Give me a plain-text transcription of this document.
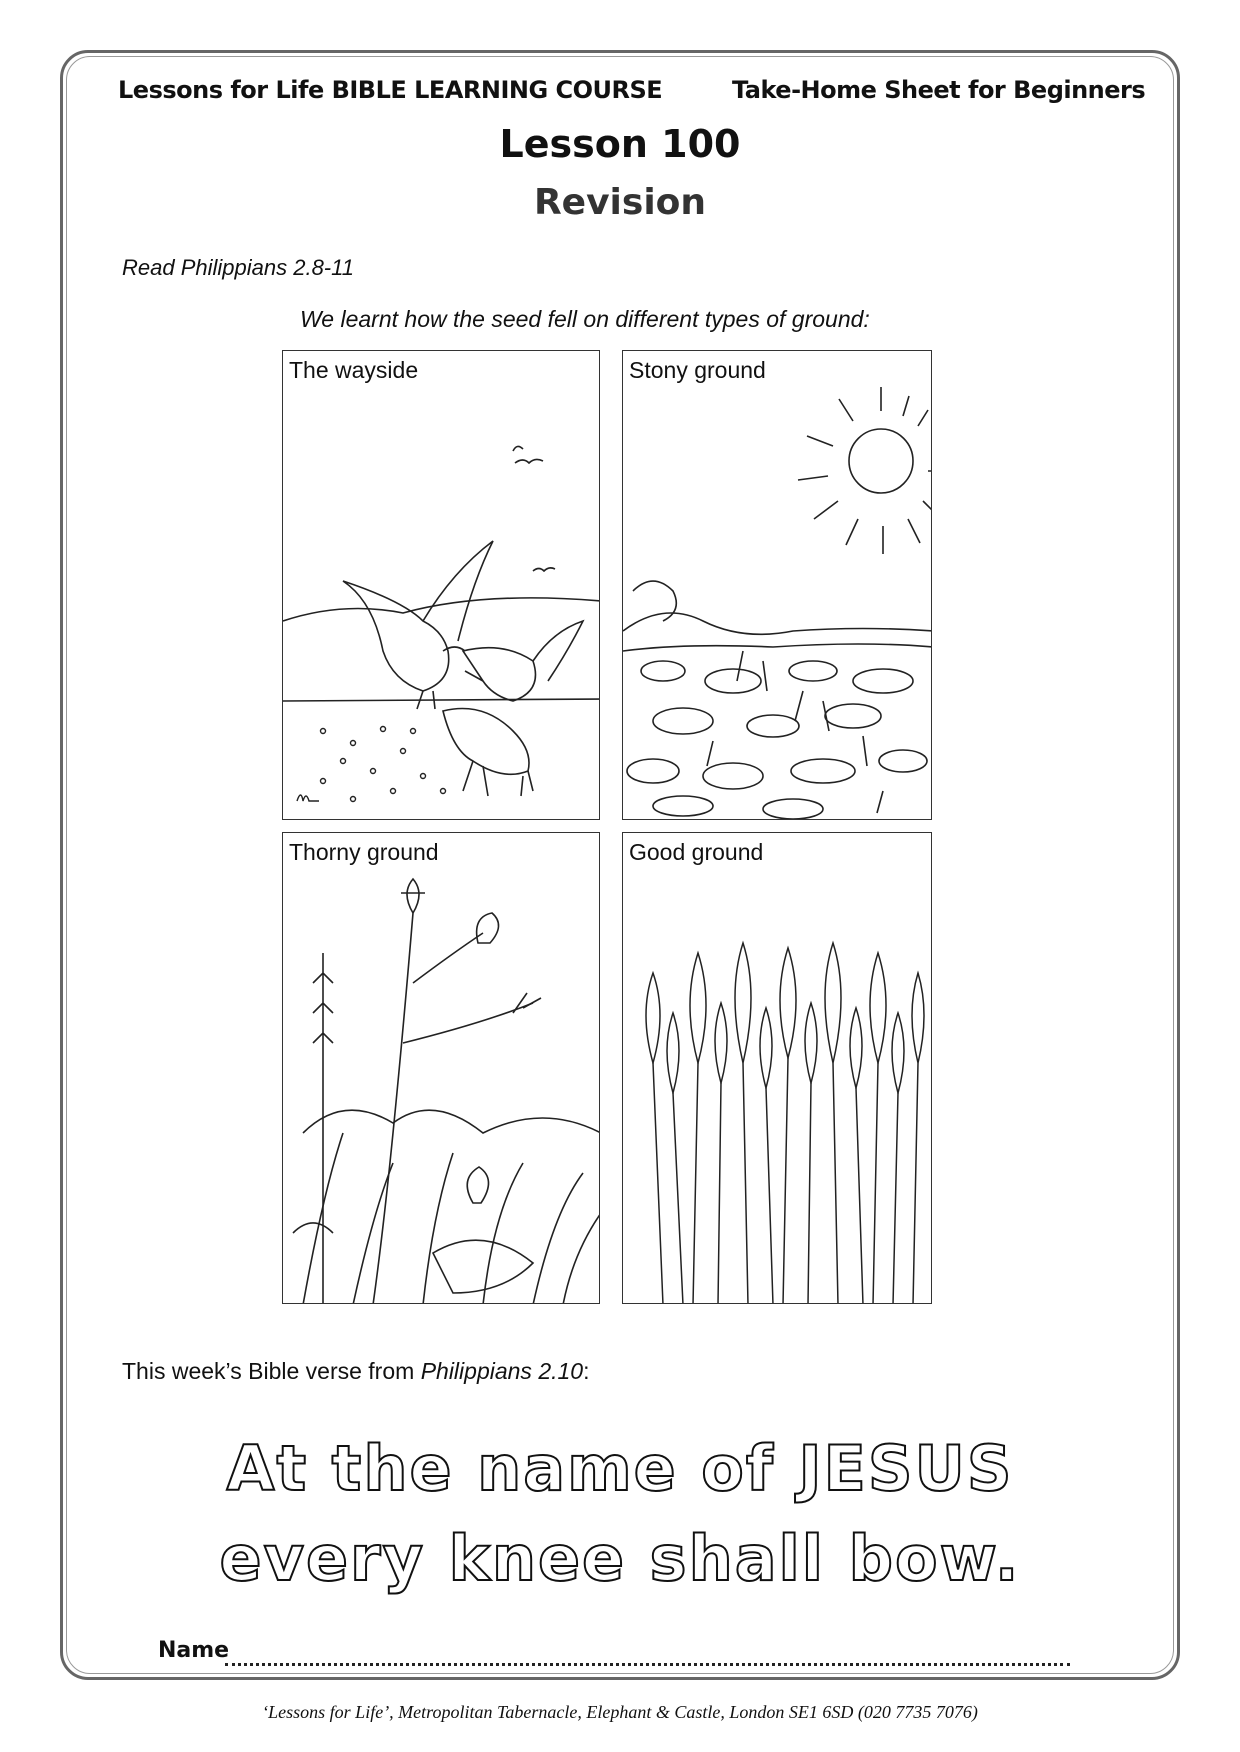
Lessons for Life BIBLE LEARNING COURSE	Take-Home Sheet for Beginners
Lesson 100
Revision
Read Philippians 2.8-11
We learnt how the seed fell on different types of ground:
The wayside	Stony ground
Thorny ground	Good ground
This week’s Bible verse from Philippians 2.10:
At the name of JESUS
every knee shall bow.
Name
‘Lessons for Life’, Metropolitan Tabernacle, Elephant & Castle, London SE1 6SD (020 7735 7076)
